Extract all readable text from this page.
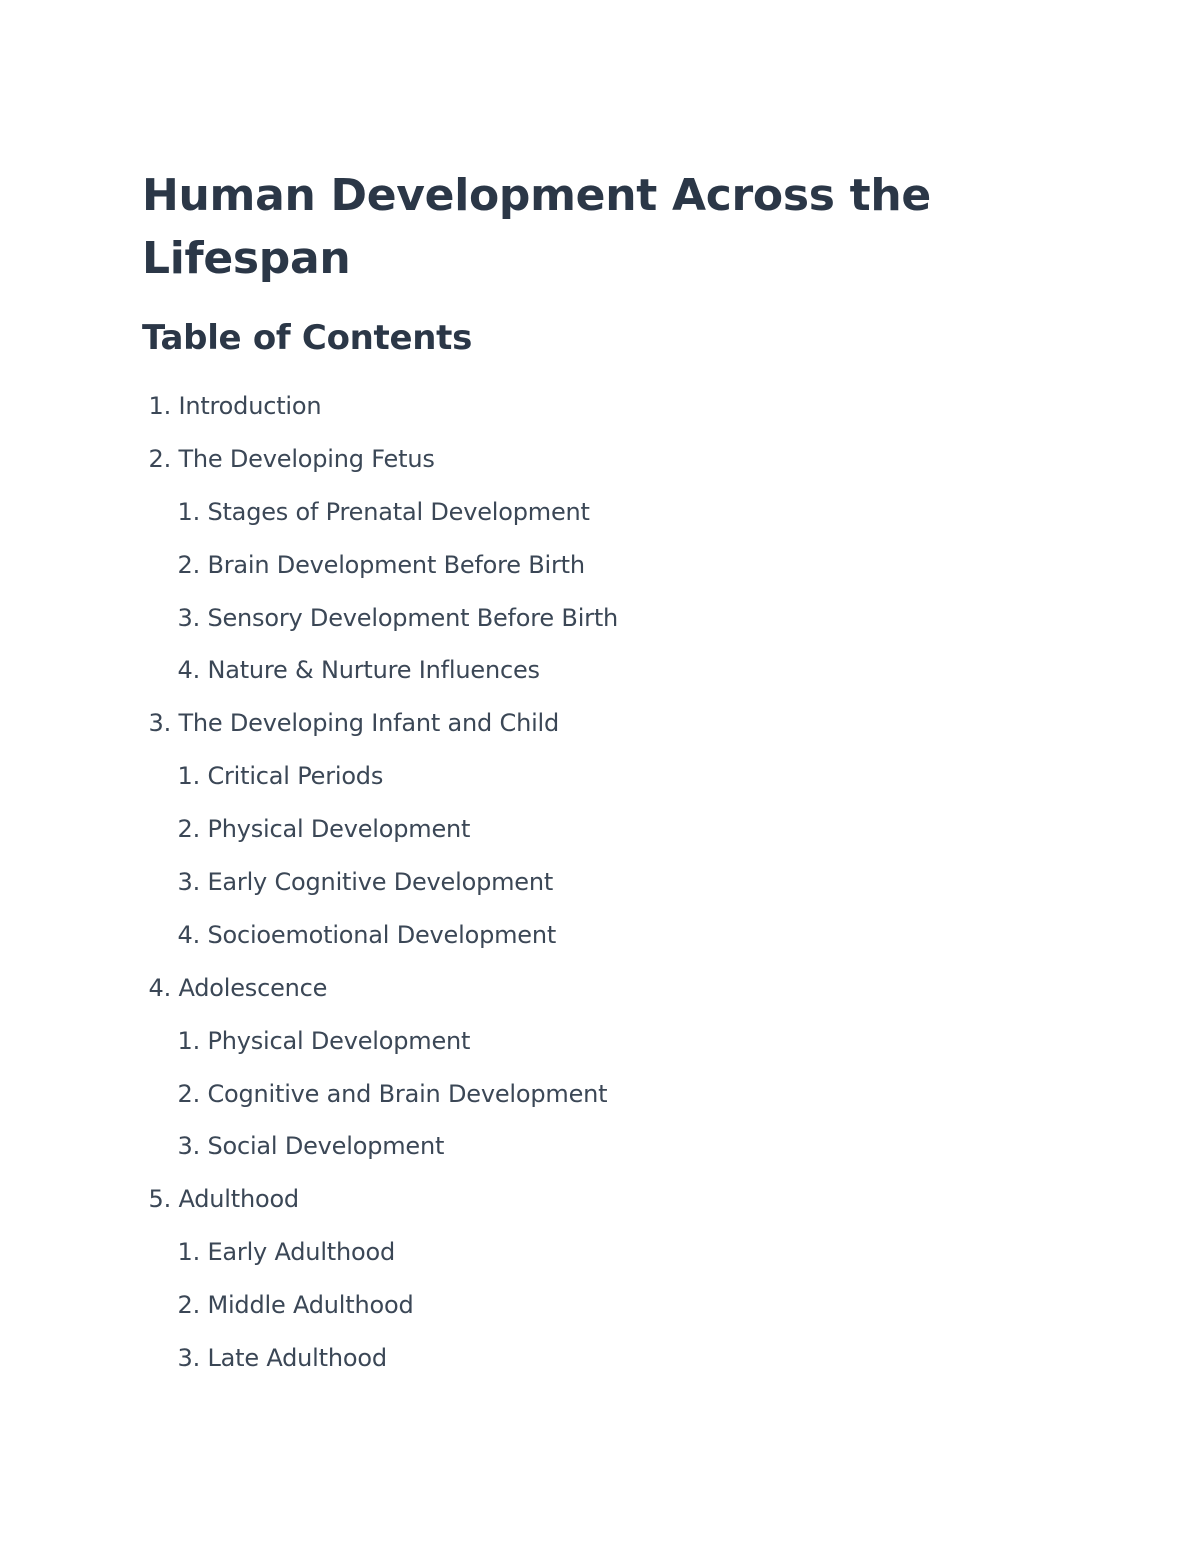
Human Development Across the Lifespan
Table of Contents
1.
Introduction
2.
The Developing Fetus
1.
Stages of Prenatal Development
2.
Brain Development Before Birth
3.
Sensory Development Before Birth
4.
Nature & Nurture Influences
3.
The Developing Infant and Child
1.
Critical Periods
2.
Physical Development
3.
Early Cognitive Development
4.
Socioemotional Development
4.
Adolescence
1.
Physical Development
2.
Cognitive and Brain Development
3.
Social Development
5.
Adulthood
1.
Early Adulthood
2.
Middle Adulthood
3.
Late Adulthood
